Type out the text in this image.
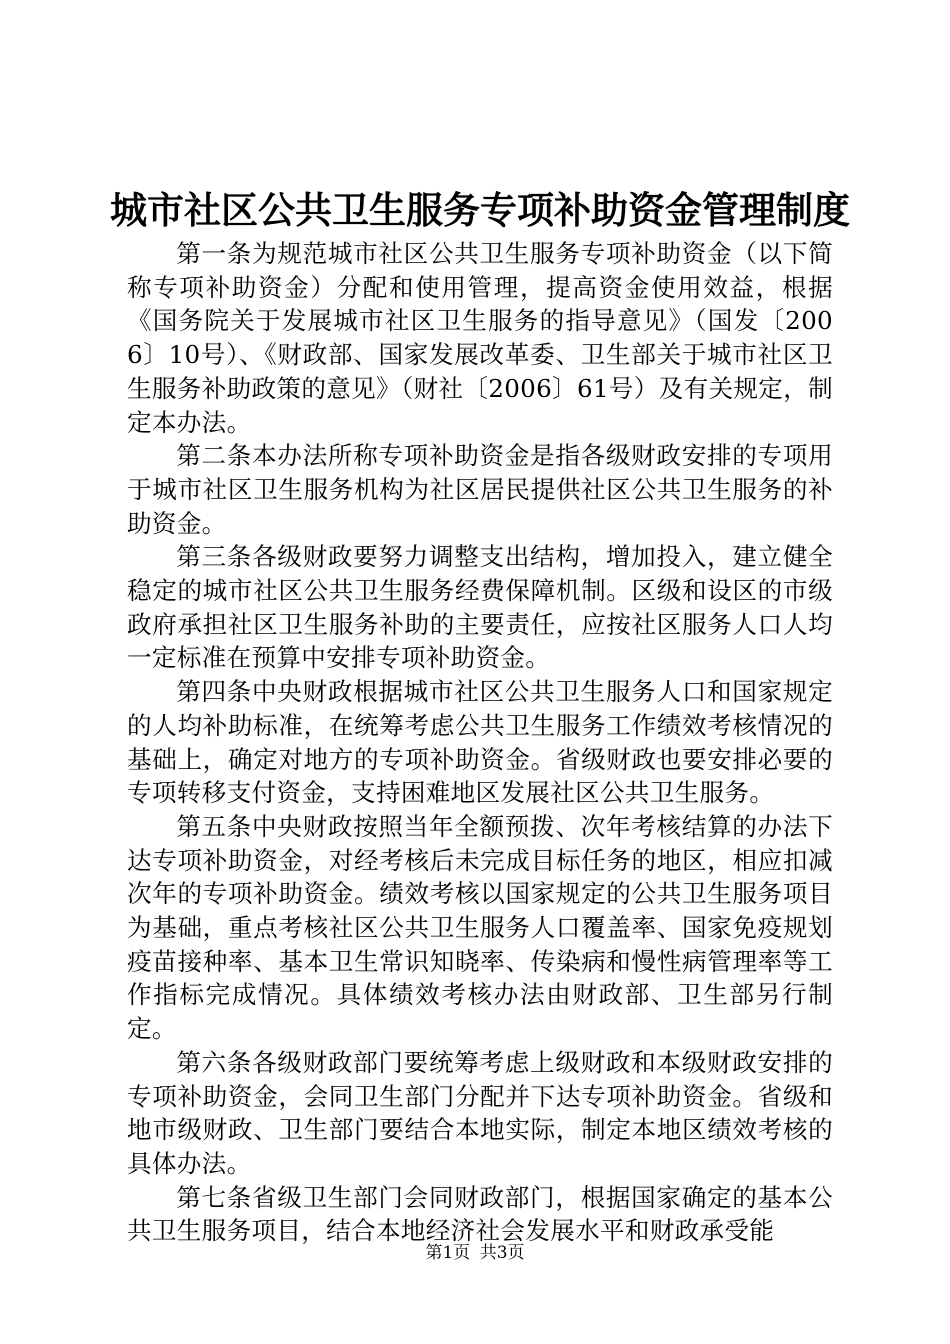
城市社区公共卫生服务专项补助资金管理制度

第一条为规范城市社区公共卫生服务专项补助资金（以下简称专项补助资金）分配和使用管理，提高资金使用效益，根据《国务院关于发展城市社区卫生服务的指导意见》（国发〔2006〕10号）、《财政部、国家发展改革委、卫生部关于城市社区卫生服务补助政策的意见》（财社〔2006〕61号）及有关规定，制定本办法。

第二条本办法所称专项补助资金是指各级财政安排的专项用于城市社区卫生服务机构为社区居民提供社区公共卫生服务的补助资金。

第三条各级财政要努力调整支出结构，增加投入，建立健全稳定的城市社区公共卫生服务经费保障机制。区级和设区的市级政府承担社区卫生服务补助的主要责任，应按社区服务人口人均一定标准在预算中安排专项补助资金。

第四条中央财政根据城市社区公共卫生服务人口和国家规定的人均补助标准，在统筹考虑公共卫生服务工作绩效考核情况的基础上，确定对地方的专项补助资金。省级财政也要安排必要的专项转移支付资金，支持困难地区发展社区公共卫生服务。

第五条中央财政按照当年全额预拨、次年考核结算的办法下达专项补助资金，对经考核后未完成目标任务的地区，相应扣减次年的专项补助资金。绩效考核以国家规定的公共卫生服务项目为基础，重点考核社区公共卫生服务人口覆盖率、国家免疫规划疫苗接种率、基本卫生常识知晓率、传染病和慢性病管理率等工作指标完成情况。具体绩效考核办法由财政部、卫生部另行制定。

第六条各级财政部门要统筹考虑上级财政和本级财政安排的专项补助资金，会同卫生部门分配并下达专项补助资金。省级和地市级财政、卫生部门要结合本地实际，制定本地区绩效考核的具体办法。

第七条省级卫生部门会同财政部门，根据国家确定的基本公共卫生服务项目，结合本地经济社会发展水平和财政承受能

第1页 共3页
